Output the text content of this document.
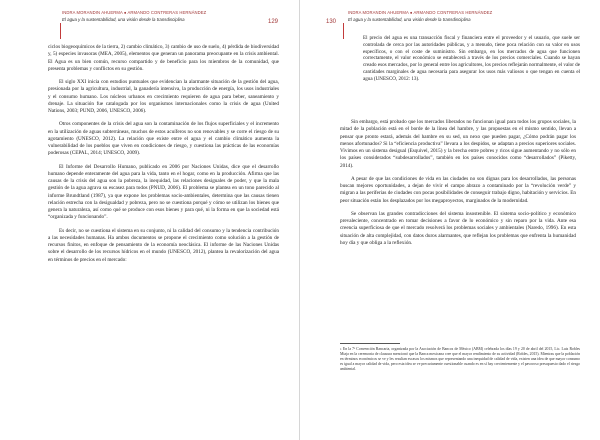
INDRA MORANDIN AHUERMA ● ARMANDO CONTRERAS HERNÁNDEZ
El agua y la sustentabilidad, una visión desde la transdisciplina	129

ciclos biogeoquímicos de la tierra, 2) cambio climático, 3) cambio de uso de suelo, 4) pérdida de biodiversidad y, 5) especies invasoras (MEA, 2005), elementos que generan un panorama preocupante en la crisis ambiental. El Agua es un bien común, recurso compartido y de beneficio para los miembros de la comunidad, que presenta problemas y conflictos en su gestión.

El siglo XXI inicia con estudios puntuales que evidencian la alarmante situación de la gestión del agua, presionada por la agricultura, industrial, la ganadería intensiva, la producción de energía, los usos industriales y el consumo humano. Los núcleos urbanos en crecimiento requieren de agua para beber, saneamiento y drenaje. La situación fue catalogada por los organismos internacionales como la crisis de agua (United Nations, 2003; PUND, 2006, UNESCO, 2006).

Otros componentes de la crisis del agua son la contaminación de los flujos superficiales y el incremento en la utilización de aguas subterráneas, muchos de estos acuíferos no son renovables y se corre el riesgo de su agotamiento (UNESCO, 2012). La relación que existe entre el agua y el cambio climático aumenta la vulnerabilidad de los pueblos que viven en condiciones de riesgo, y cuestiona las prácticas de las economías poderosas (CEPAL, 2014; UNESCO, 2009).

El Informe del Desarrollo Humano, publicado en 2006 por Naciones Unidas, dice que el desarrollo humano depende enteramente del agua para la vida, tanto en el hogar, como en la producción. Afirma que las causas de la crisis del agua son la pobreza, la inequidad, las relaciones desiguales de poder, y que la mala gestión de la agua agrava su escasez para todos (PNUD, 2006). El problema se plantea en un tono parecido al informe Brundtland (1987), ya que expone los problemas socio-ambientales, determina que las causas tienen relación estrecha con la desigualdad y pobreza, pero no se cuestiona porqué y cómo se utilizan los bienes que genera la naturaleza, así como qué se produce con esos bienes y para qué, ni la forma en que la sociedad está “organizada y funcionando”.

Es decir, no se cuestiona el sistema en su conjunto, ni la calidad del consumo y la tendencia contribución a las necesidades humanas. Ha ambos documentos se propone el crecimiento como solución a la gestión de recursos finitos, en enfoque de pensamiento de la economía neoclásica. El informe de las Naciones Unidas sobre el desarrollo de los recursos hídricos en el mundo (UNESCO, 2012), plantea la revalorización del agua en términos de precios en el mercado:

130
INDRA MORANDIN AHUERMA ● ARMANDO CONTRERAS HERNÁNDEZ
El agua y la sustentabilidad, una visión desde la transdisciplina

El precio del agua es una transacción fiscal y financiera entre el proveedor y el usuario, que suele ser controlada de cerca por las autoridades públicas, y a menudo, tiene poca relación con su valor en usos específicos, o con el coste de suministro. Sin embargo, en los mercados de agua que funcionen correctamente, el valor económico se establecerá a través de los precios comerciales. Cuando se hayan creado esos mercados, por lo general entre los agricultores, los precios reflejarán normalmente, el valor de cantidades marginales de agua necesaria para asegurar los usos más valiosos o que tengan en cuenta el agua (UNESCO, 2012: 13).

Sin embargo, está probado que los mercados liberados no funcionan igual para todos los grupos sociales, la mitad de la población está en el borde de la línea del hambre, y las propuestas en el mismo sentido, llevan a pensar que pronto estará, además del hambre en su sed, un nexo que pueden pagar, ¿Cómo podrán pagar los menos afortunados? Si la “eficiencia productiva” llevara a los despidos, se adaptan a precios superiores sociales. Vivimos en un sistema desigual (Esquivel, 2015) y la brecha entre pobres y ricos sigue aumentando y no sólo en los países considerados “subdesarrollados”, también en los países conocidos como “desarrollados” (Piketty, 2014).

A pesar de que las condiciones de vida en las ciudades no son dignas para los desarrollados, las personas buscan mejores oportunidades, a dejan de vivir el campo abrazo a contaminado por la “revolución verde” y migran a las periferias de ciudades con pocas posibilidades de conseguir trabajo digno, habitación y servicios. En peor situación están los desplazados por los megaproyectos, marginados de la modernidad.

Se observan las grandes contradicciones del sistema insostenible. El sistema socio-político y económico prevaleciente, concentrado en tomar decisiones a favor de lo económico y sin reparo por la vida. Ante esa creencia superficiosa de que el mercado resolverá los problemas sociales y ambientales (Naredo, 1996). En esta situación de alta complejidad, con datos duros alarmantes, que reflejan los problemas que enfrenta la humanidad hoy día y que obliga a la reflexión.

1 En la 7ª Convención Bancaria, organizada por la Asociación de Bancos de México (ABM) celebrada los días 19 y 20 de abril del 2015, Lic. Luis Robles Miaja en la ceremonia de clausura mencionó que la Banca mexicana cree que el mayor rendimiento de su actividad (Robles, 2015). Mientras que la población en términos económicos se ve y les resultan escasos los mismos que representando una inequidad de calidad de vida, existen una idea de que mayor consumo es igual a mayor calidad de vida, pero esta idea se ve precariamente cuestionable cuando es en sí hay crecientemente y el pavoroso presupuesto dado el riesgo ambiental.
